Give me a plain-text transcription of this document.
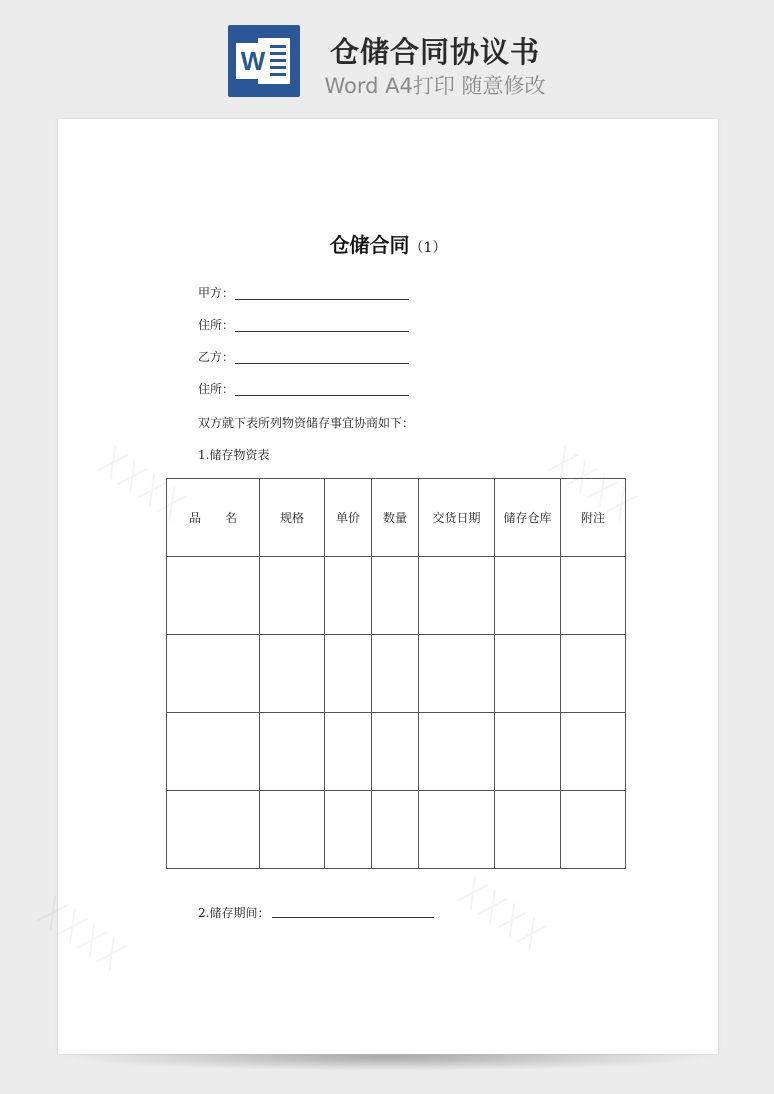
W	仓储合同协议书
Word A4打印 随意修改
仓储合同（1）
甲方：
住所：
乙方：
住所：
双方就下表所列物资储存事宜协商如下：
1.储存物资表
品　　名	规格	单价	数量	交货日期	储存仓库	附注

2.储存期间：
